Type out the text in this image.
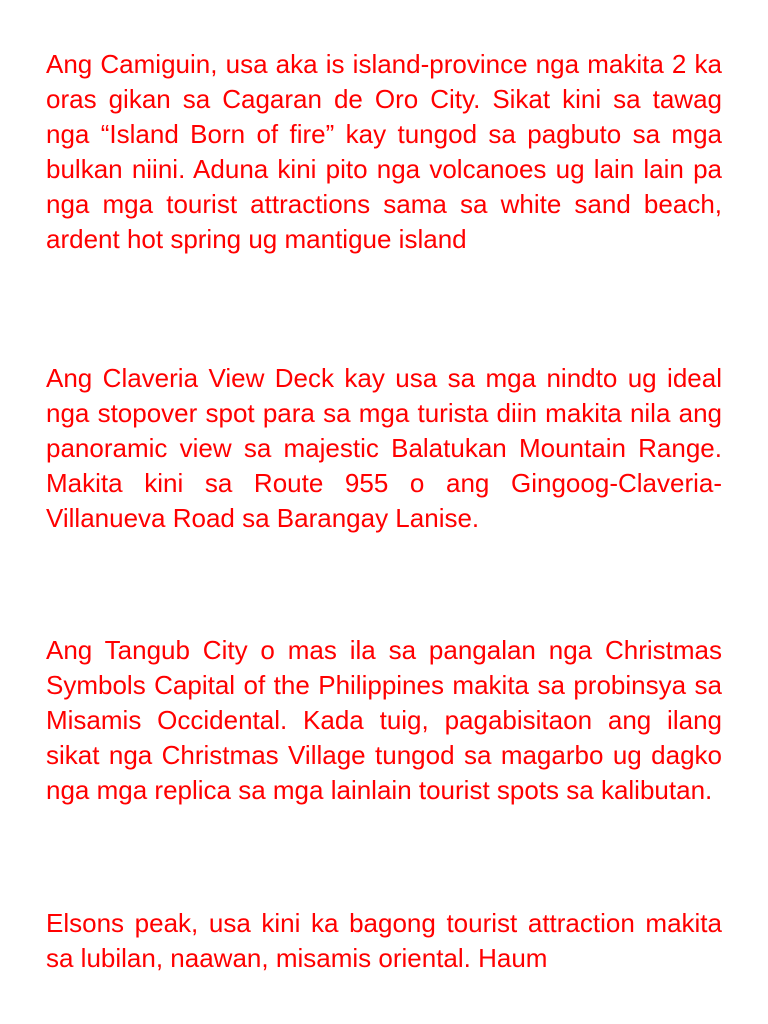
Ang Camiguin, usa aka is island-province nga makita 2 ka oras gikan sa Cagaran de Oro City. Sikat kini sa tawag nga “Island Born of fire” kay tungod sa pagbuto sa mga bulkan niini. Aduna kini pito nga volcanoes ug lain lain pa nga mga tourist attractions sama sa white sand beach, ardent hot spring ug mantigue island

Ang Claveria View Deck kay usa sa mga nindto ug ideal nga stopover spot para sa mga turista diin makita nila ang panoramic view sa majestic Balatukan Mountain Range. Makita kini sa Route 955 o ang Gingoog-Claveria-Villanueva Road sa Barangay Lanise.

Ang Tangub City o mas ila sa pangalan nga Christmas Symbols Capital of the Philippines makita sa probinsya sa Misamis Occidental. Kada tuig, pagabisitaon ang ilang sikat nga Christmas Village tungod sa magarbo ug dagko nga mga replica sa mga lainlain tourist spots sa kalibutan.

Elsons peak, usa kini ka bagong tourist attraction makita sa lubilan, naawan, misamis oriental. Haum
